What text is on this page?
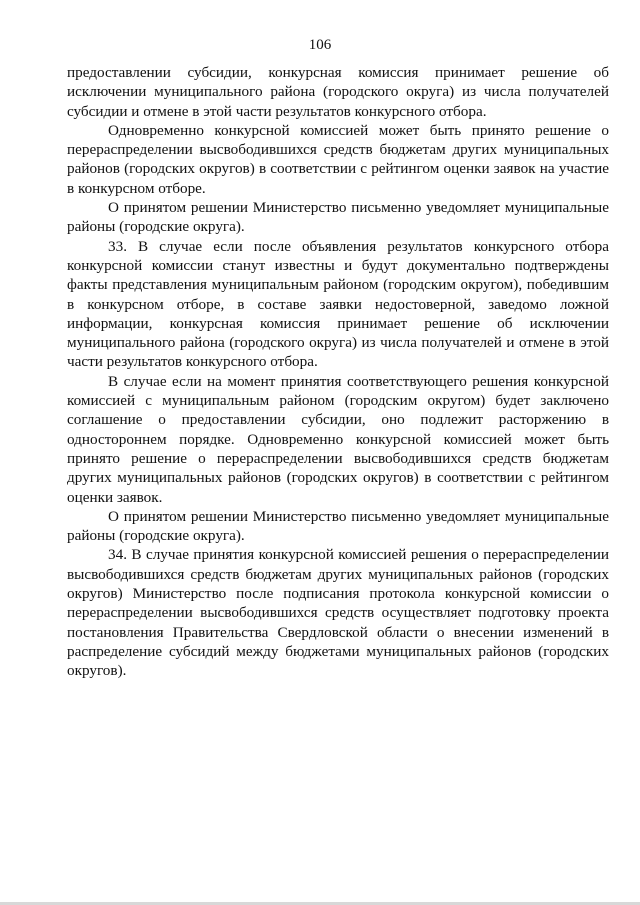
106

предоставлении субсидии, конкурсная комиссия принимает решение об исключении муниципального района (городского округа) из числа получателей субсидии и отмене в этой части результатов конкурсного отбора.

Одновременно конкурсной комиссией может быть принято решение о перераспределении высвободившихся средств бюджетам других муниципальных районов (городских округов) в соответствии с рейтингом оценки заявок на участие в конкурсном отборе.

О принятом решении Министерство письменно уведомляет муниципальные районы (городские округа).

33. В случае если после объявления результатов конкурсного отбора конкурсной комиссии станут известны и будут документально подтверждены факты представления муниципальным районом (городским округом), победившим в конкурсном отборе, в составе заявки недостоверной, заведомо ложной информации, конкурсная комиссия принимает решение об исключении муниципального района (городского округа) из числа получателей и отмене в этой части результатов конкурсного отбора.

В случае если на момент принятия соответствующего решения конкурсной комиссией с муниципальным районом (городским округом) будет заключено соглашение о предоставлении субсидии, оно подлежит расторжению в одностороннем порядке. Одновременно конкурсной комиссией может быть принято решение о перераспределении высвободившихся средств бюджетам других муниципальных районов (городских округов) в соответствии с рейтингом оценки заявок.

О принятом решении Министерство письменно уведомляет муниципальные районы (городские округа).

34. В случае принятия конкурсной комиссией решения о перераспределении высвободившихся средств бюджетам других муниципальных районов (городских округов) Министерство после подписания протокола конкурсной комиссии о перераспределении высвободившихся средств осуществляет подготовку проекта постановления Правительства Свердловской области о внесении изменений в распределение субсидий между бюджетами муниципальных районов (городских округов).
